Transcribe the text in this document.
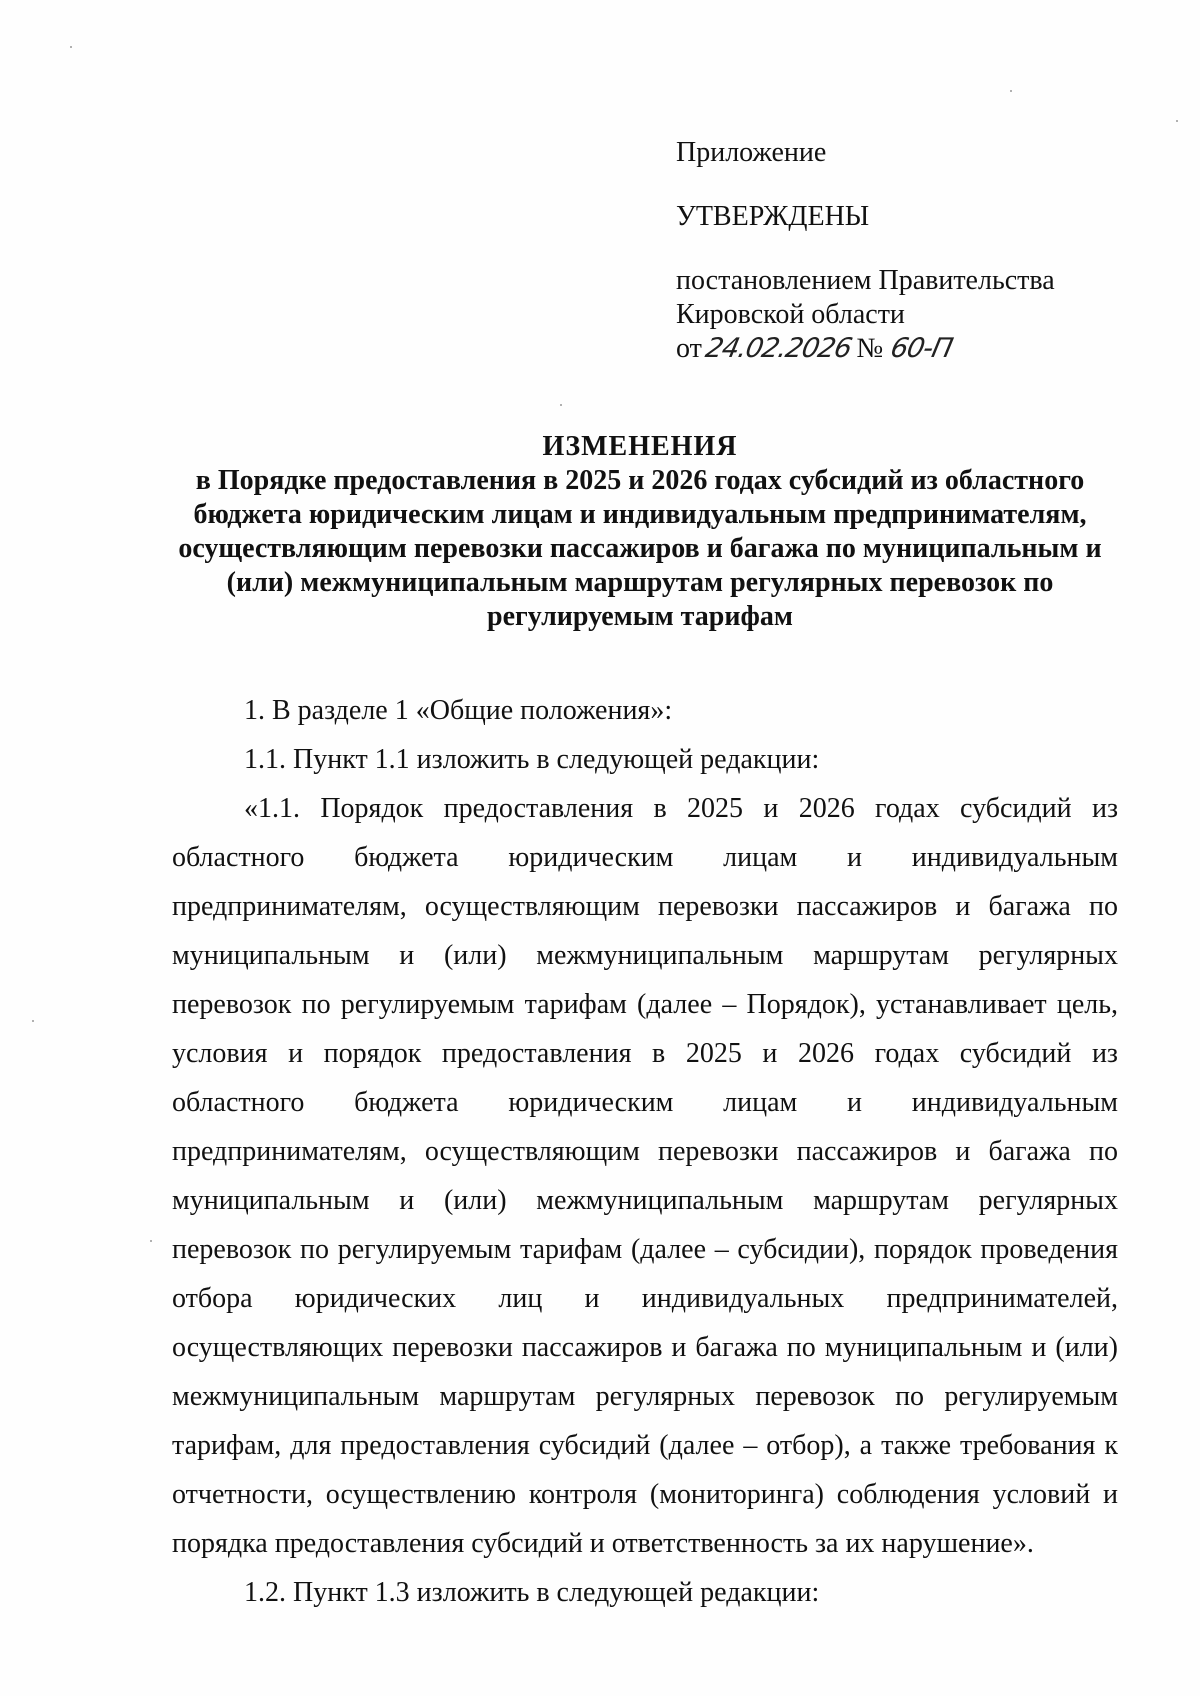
Приложение
УТВЕРЖДЕНЫ
постановлением Правительства
Кировской области
от24.02.2026№ 60-П
ИЗМЕНЕНИЯ
в Порядке предоставления в 2025 и 2026 годах субсидий из областного
бюджета юридическим лицам и индивидуальным предпринимателям,
осуществляющим перевозки пассажиров и багажа по муниципальным и
(или) межмуниципальным маршрутам регулярных перевозок по
регулируемым тарифам

1. В разделе 1 «Общие положения»:

1.1. Пункт 1.1 изложить в следующей редакции:

«1.1. Порядок предоставления в 2025 и 2026 годах субсидий из областного бюджета юридическим лицам и индивидуальным предпринимателям, осуществляющим перевозки пассажиров и багажа по муниципальным и (или) межмуниципальным маршрутам регулярных перевозок по регулируемым тарифам (далее – Порядок), устанавливает цель, условия и порядок предоставления в 2025 и 2026 годах субсидий из областного бюджета юридическим лицам и индивидуальным предпринимателям, осуществляющим перевозки пассажиров и багажа по муниципальным и (или) межмуниципальным маршрутам регулярных перевозок по регулируемым тарифам (далее – субсидии), порядок проведения отбора юридических лиц и индивидуальных предпринимателей, осуществляющих перевозки пассажиров и багажа по муниципальным и (или) межмуниципальным маршрутам регулярных перевозок по регулируемым тарифам, для предоставления субсидий (далее – отбор), а также требования к отчетности, осуществлению контроля (мониторинга) соблюдения условий и порядка предоставления субсидий и ответственность за их нарушение».

1.2. Пункт 1.3 изложить в следующей редакции:
